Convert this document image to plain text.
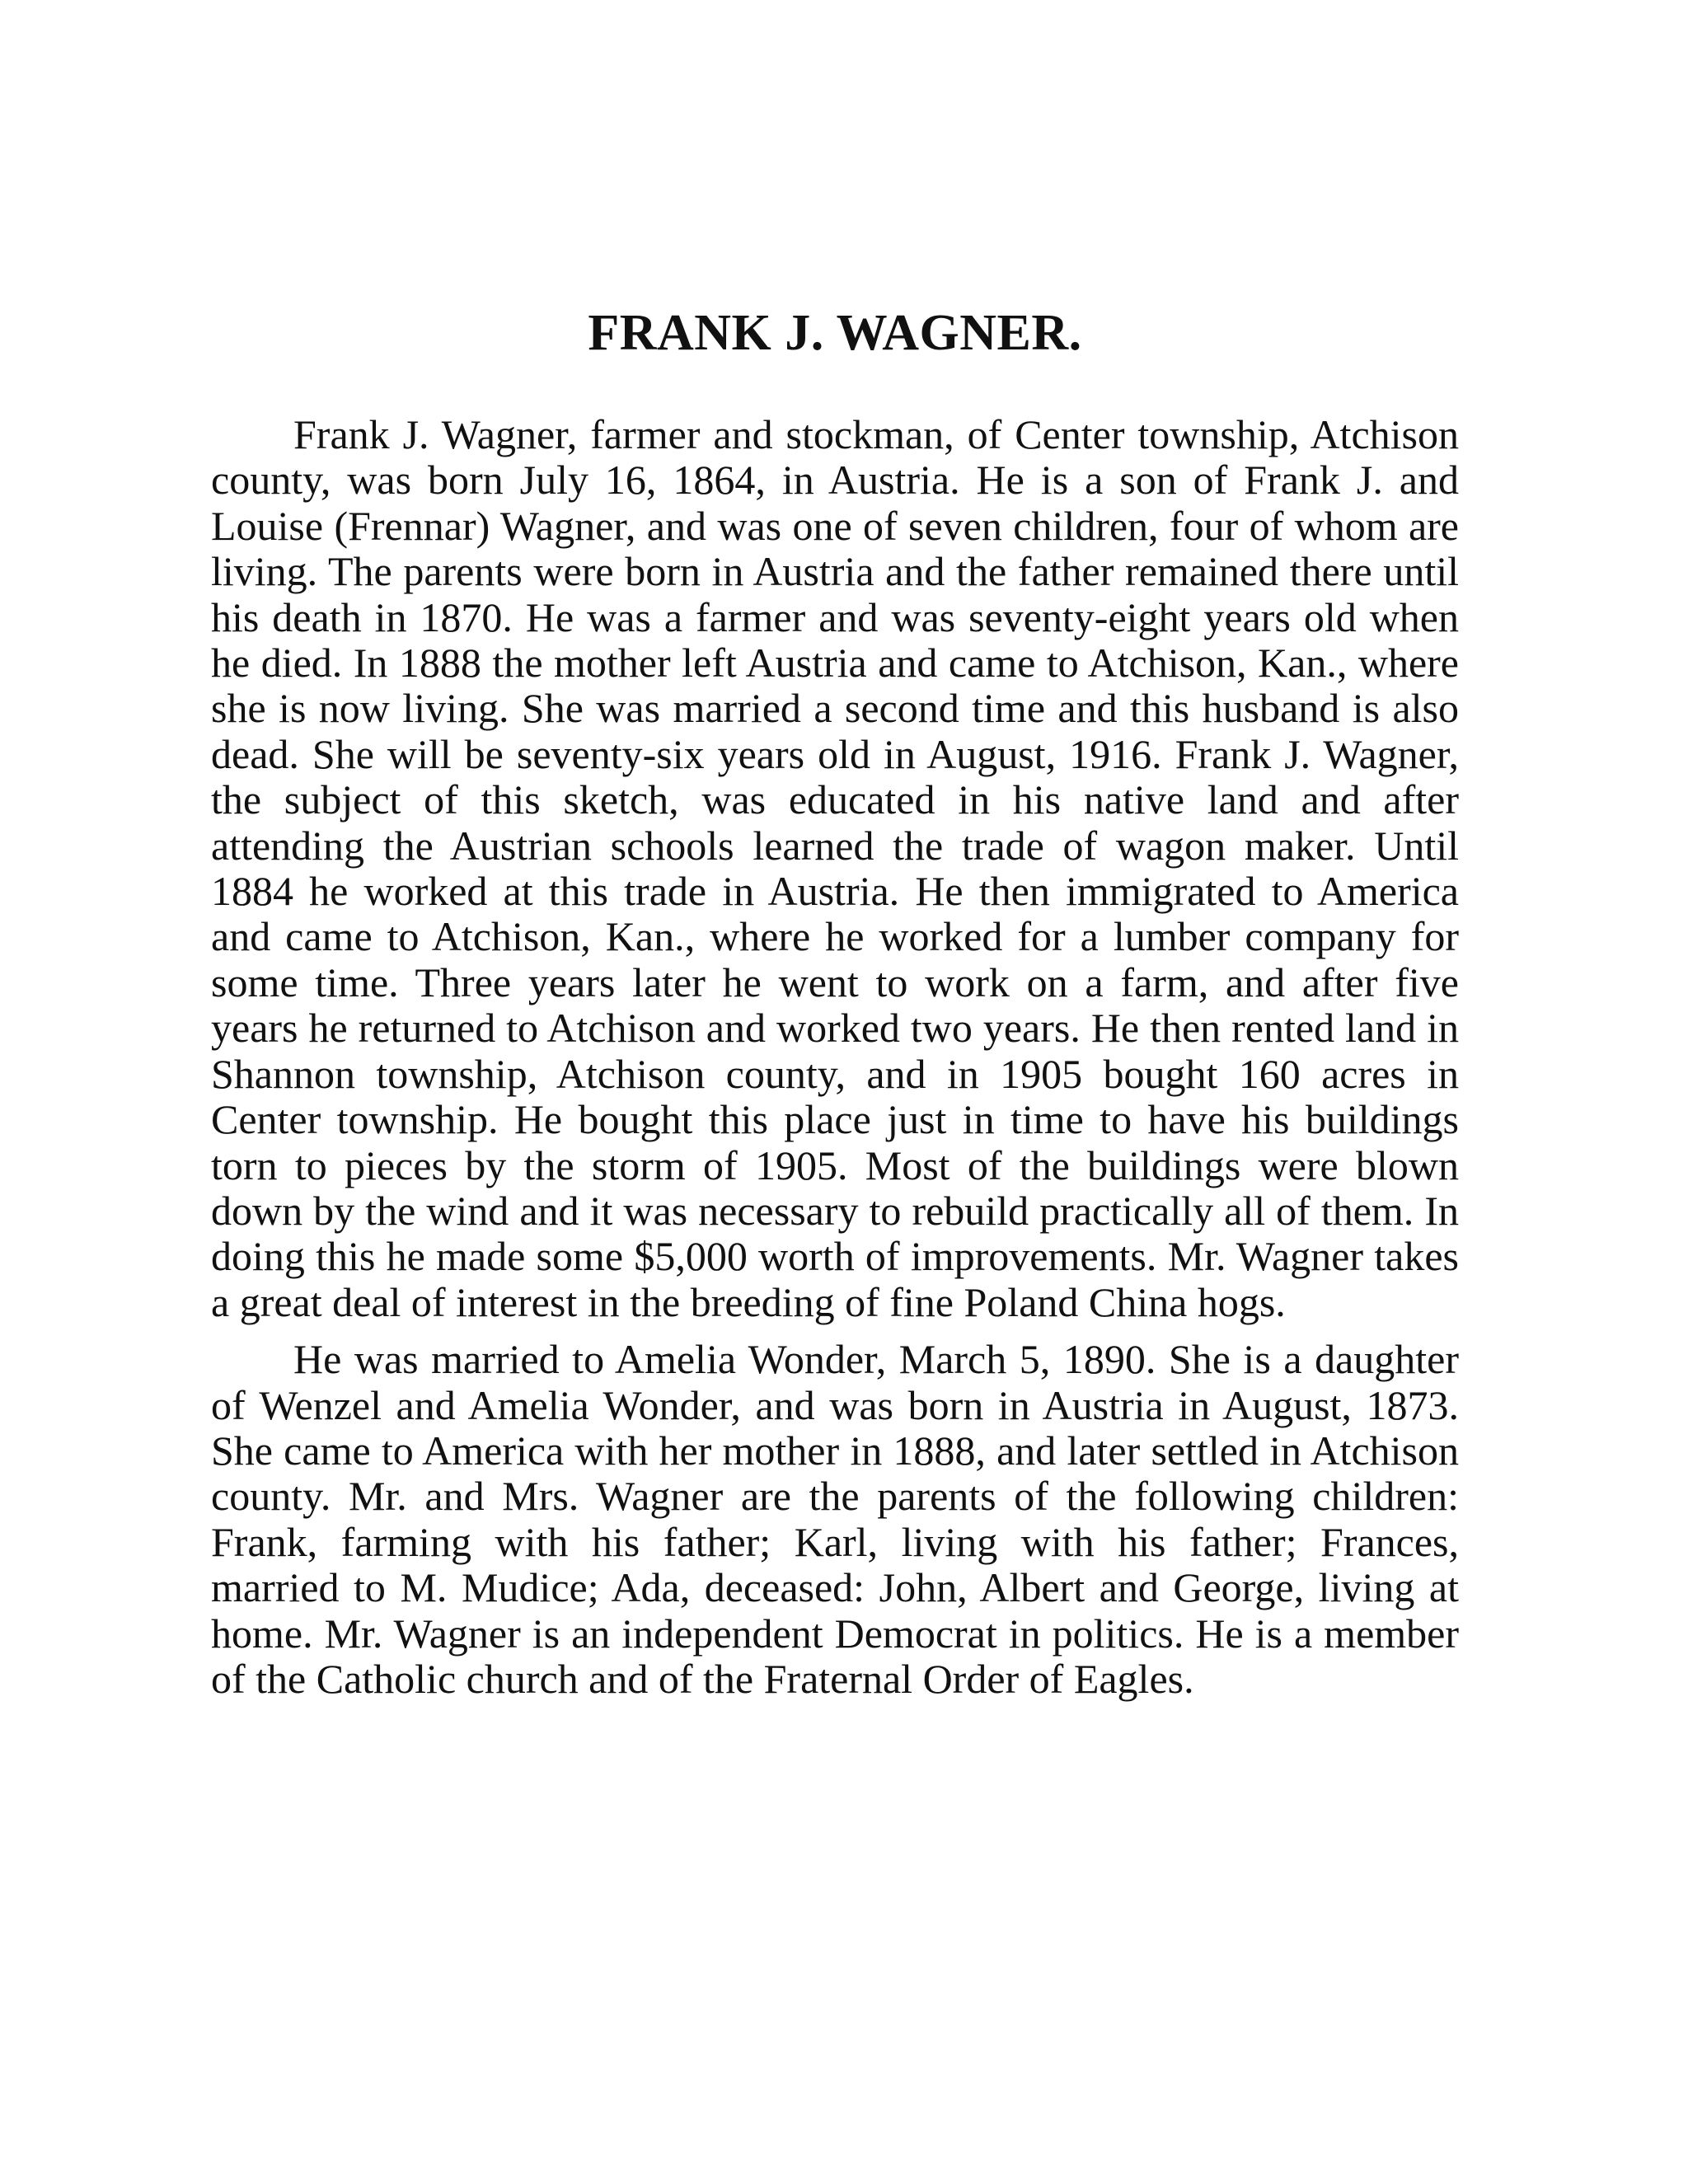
FRANK J. WAGNER.

Frank J. Wagner, farmer and stockman, of Center township, Atchison county, was born July 16, 1864, in Austria. He is a son of Frank J. and Louise (Frennar) Wagner, and was one of seven children, four of whom are living. The parents were born in Austria and the father remained there until his death in 1870. He was a farmer and was seventy-eight years old when he died. In 1888 the mother left Austria and came to Atchison, Kan., where she is now living. She was married a second time and this husband is also dead. She will be seventy-six years old in August, 1916. Frank J. Wagner, the subject of this sketch, was educated in his native land and after attending the Austrian schools learned the trade of wagon maker. Until 1884 he worked at this trade in Austria. He then immigrated to America and came to Atchison, Kan., where he worked for a lumber company for some time. Three years later he went to work on a farm, and after five years he returned to Atchison and worked two years. He then rented land in Shannon township, Atchison county, and in 1905 bought 160 acres in Center township. He bought this place just in time to have his buildings torn to pieces by the storm of 1905. Most of the buildings were blown down by the wind and it was necessary to rebuild practically all of them. In doing this he made some $5,000 worth of improvements. Mr. Wagner takes a great deal of interest in the breeding of fine Poland China hogs.

He was married to Amelia Wonder, March 5, 1890. She is a daughter of Wenzel and Amelia Wonder, and was born in Austria in August, 1873. She came to America with her mother in 1888, and later settled in Atchison county. Mr. and Mrs. Wagner are the parents of the following children: Frank, farming with his father; Karl, living with his father; Frances, married to M. Mudice; Ada, deceased: John, Albert and George, living at home. Mr. Wagner is an independent Democrat in politics. He is a member of the Catholic church and of the Fraternal Order of Eagles.
